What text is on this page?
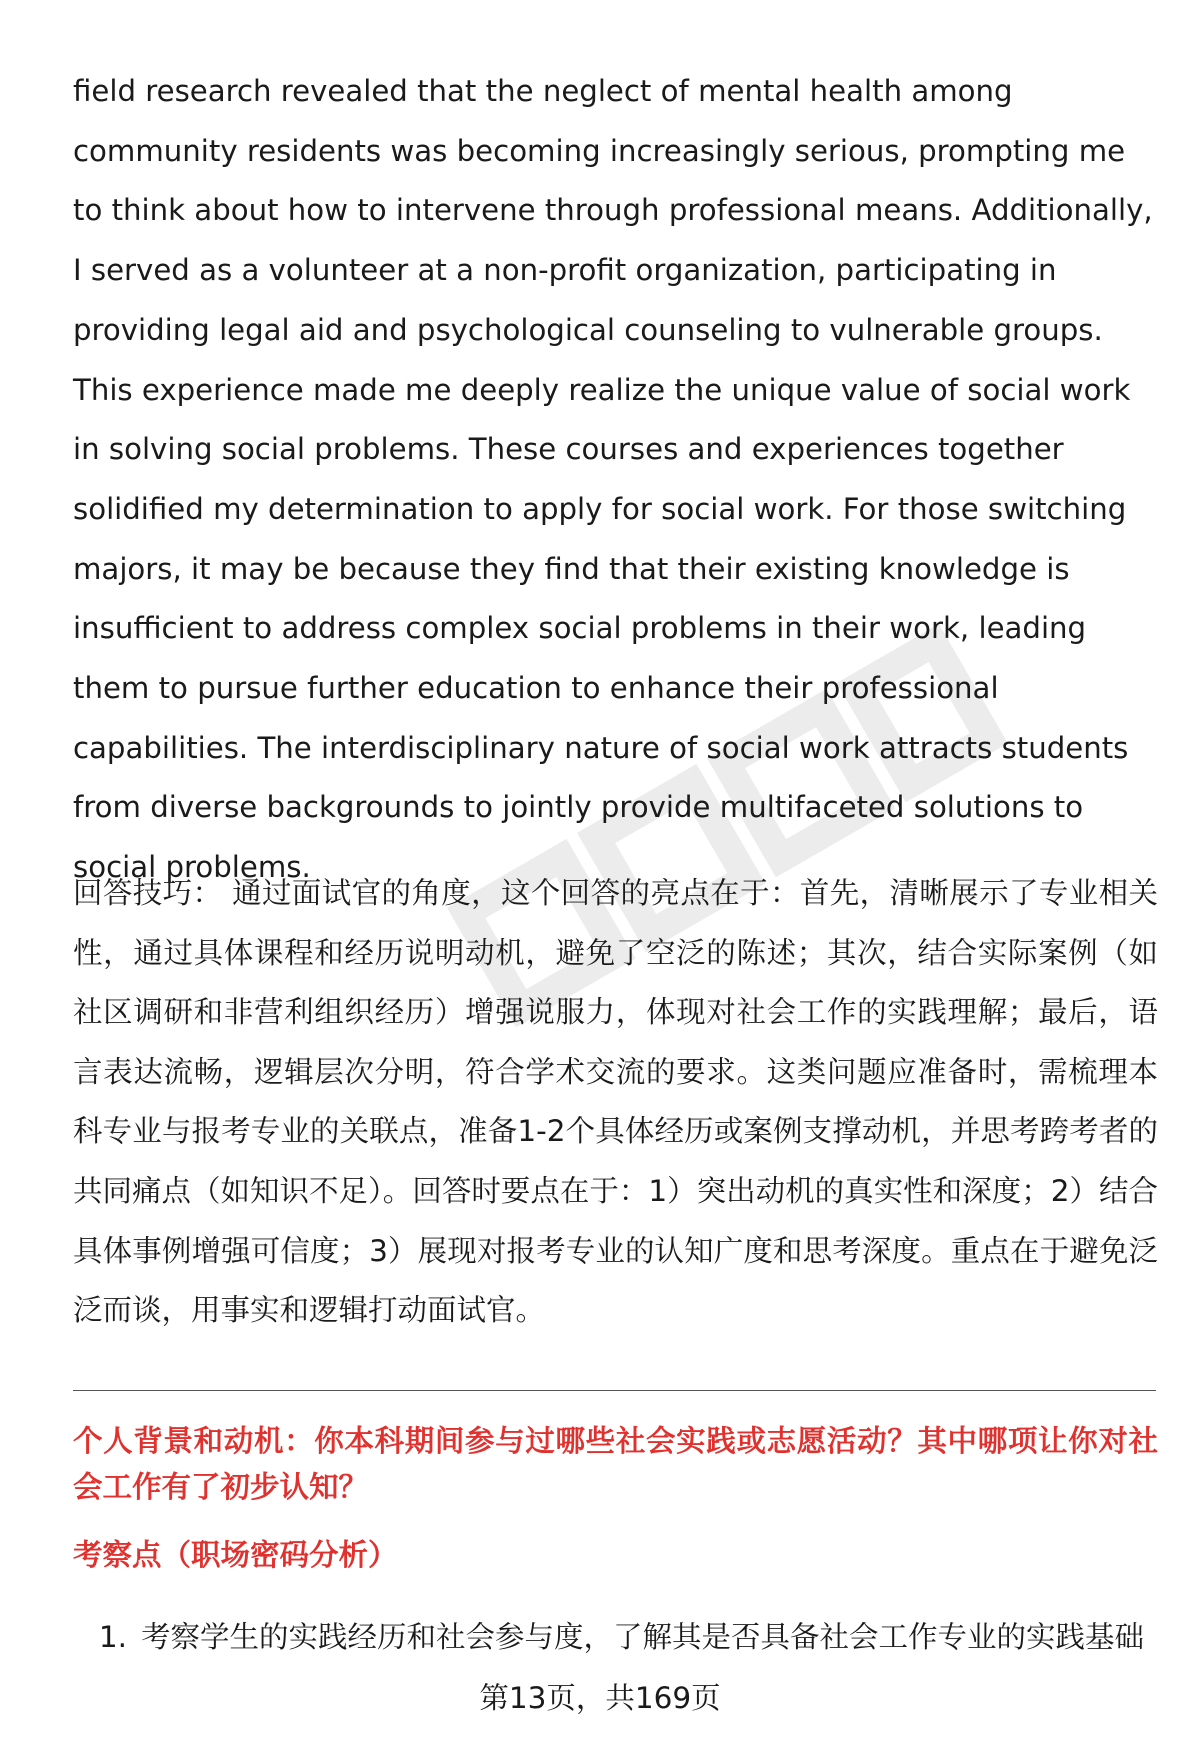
field research revealed that the neglect of mental health among community residents was becoming increasingly serious, prompting me to think about how to intervene through professional means. Additionally, I served as a volunteer at a non-profit organization, participating in providing legal aid and psychological counseling to vulnerable groups. This experience made me deeply realize the unique value of social work in solving social problems. These courses and experiences together solidified my determination to apply for social work. For those switching majors, it may be because they find that their existing knowledge is insufficient to address complex social problems in their work, leading them to pursue further education to enhance their professional capabilities. The interdisciplinary nature of social work attracts students from diverse backgrounds to jointly provide multifaceted solutions to social problems.

回答技巧： 通过面试官的角度，这个回答的亮点在于：首先，清晰展示了专业相关性，通过具体课程和经历说明动机，避免了空泛的陈述；其次，结合实际案例（如社区调研和非营利组织经历）增强说服力，体现对社会工作的实践理解；最后，语言表达流畅，逻辑层次分明，符合学术交流的要求。这类问题应准备时，需梳理本科专业与报考专业的关联点，准备1-2个具体经历或案例支撑动机，并思考跨考者的共同痛点（如知识不足）。回答时要点在于：1）突出动机的真实性和深度；2）结合具体事例增强可信度；3）展现对报考专业的认知广度和思考深度。重点在于避免泛泛而谈，用事实和逻辑打动面试官。

个人背景和动机：你本科期间参与过哪些社会实践或志愿活动？其中哪项让你对社会工作有了初步认知？

考察点（职场密码分析）

1. 考察学生的实践经历和社会参与度，了解其是否具备社会工作专业的实践基础
第13页，共169页
